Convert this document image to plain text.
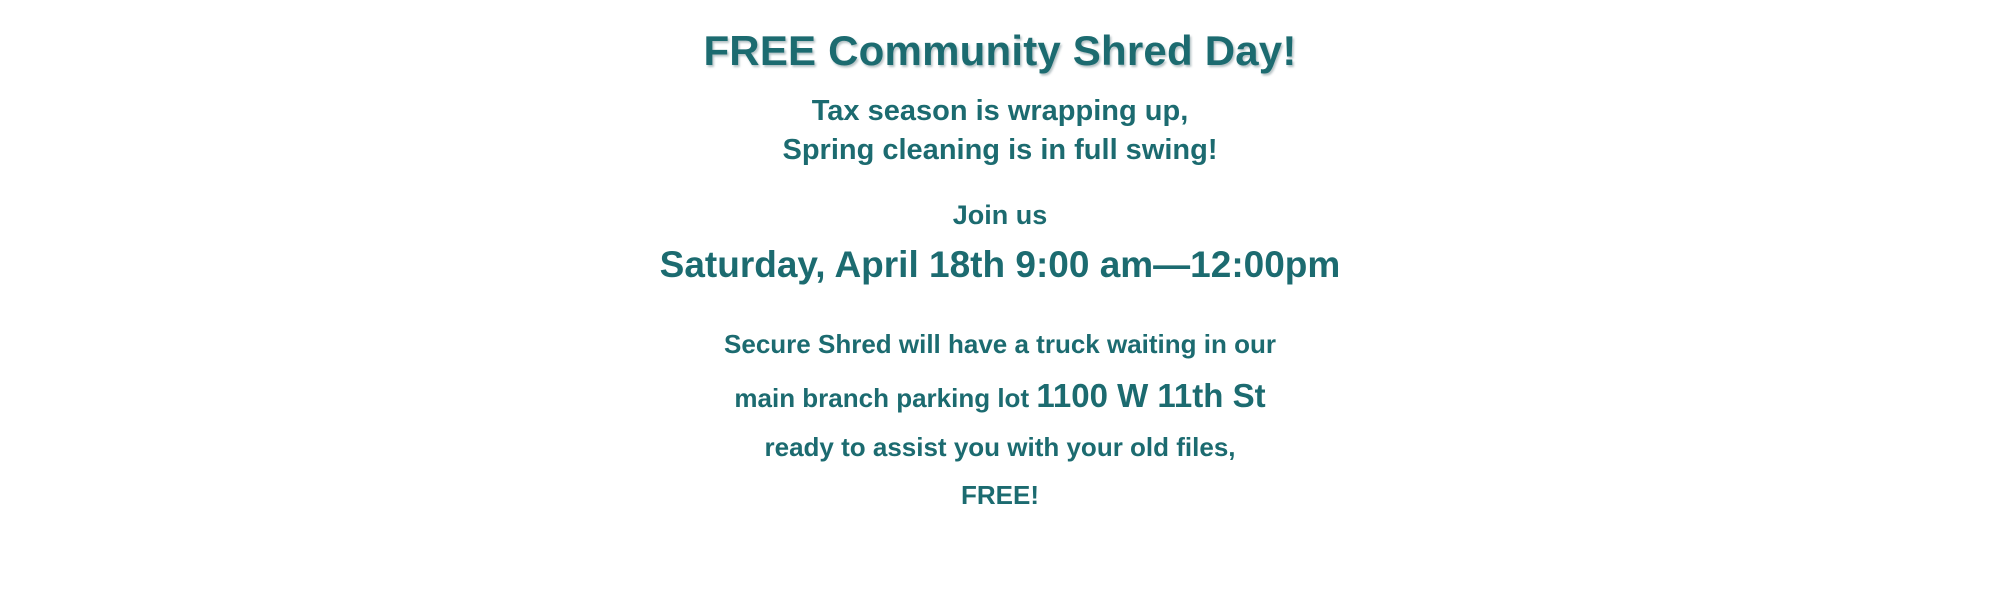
FREE Community Shred Day!
Tax season is wrapping up,
Spring cleaning is in full swing!
Join us
Saturday, April 18th 9:00 am—12:00pm
Secure Shred will have a truck waiting in our
main branch parking lot 1100 W 11th St
ready to assist you with your old files,
FREE!
